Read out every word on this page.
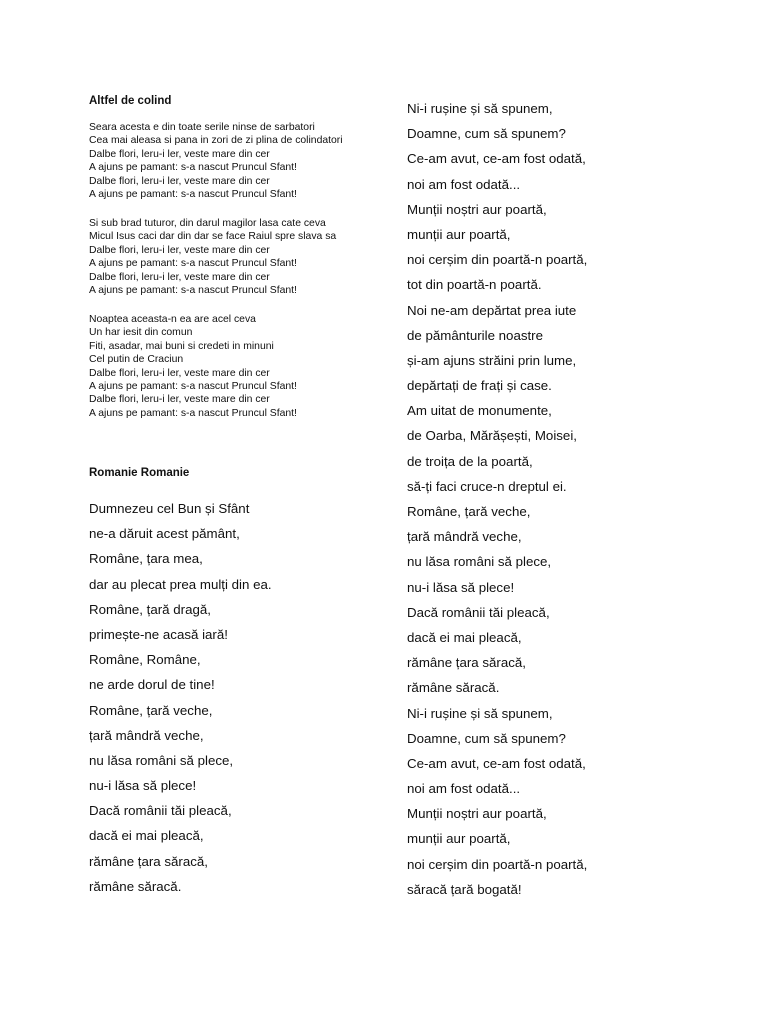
Altfel de colind
Seara acesta e din toate serile ninse de sarbatori
Cea mai aleasa si pana in zori de zi plina de colindatori
Dalbe flori, leru-i ler, veste mare din cer
A ajuns pe pamant: s-a nascut Pruncul Sfant!
Dalbe flori, leru-i ler, veste mare din cer
A ajuns pe pamant: s-a nascut Pruncul Sfant!
Si sub brad tuturor, din darul magilor lasa cate ceva
Micul Isus caci dar din dar se face Raiul spre slava sa
Dalbe flori, leru-i ler, veste mare din cer
A ajuns pe pamant: s-a nascut Pruncul Sfant!
Dalbe flori, leru-i ler, veste mare din cer
A ajuns pe pamant: s-a nascut Pruncul Sfant!
Noaptea aceasta-n ea are acel ceva
Un har iesit din comun
Fiti, asadar, mai buni si credeti in minuni
Cel putin de Craciun
Dalbe flori, leru-i ler, veste mare din cer
A ajuns pe pamant: s-a nascut Pruncul Sfant!
Dalbe flori, leru-i ler, veste mare din cer
A ajuns pe pamant: s-a nascut Pruncul Sfant!
Romanie Romanie
Dumnezeu cel Bun și Sfânt
ne-a dăruit acest pământ,
Române, țara mea,
dar au plecat prea mulți din ea.
Române, țară dragă,
primește-ne acasă iară!
Române, Române,
ne arde dorul de tine!
Române, țară veche,
țară mândră veche,
nu lăsa români să plece,
nu-i lăsa să plece!
Dacă românii tăi pleacă,
dacă ei mai pleacă,
rămâne țara săracă,
rămâne săracă.
Ni-i rușine și să spunem,
Doamne, cum să spunem?
Ce-am avut, ce-am fost odată,
noi am fost odată...
Munții noștri aur poartă,
munții aur poartă,
noi cerșim din poartă-n poartă,
tot din poartă-n poartă.
Noi ne-am depărtat prea iute
de pământurile noastre
și-am ajuns străini prin lume,
depărtați de frați și case.
Am uitat de monumente,
de Oarba, Mărășești, Moisei,
de troița de la poartă,
să-ți faci cruce-n dreptul ei.
Române, țară veche,
țară mândră veche,
nu lăsa români să plece,
nu-i lăsa să plece!
Dacă românii tăi pleacă,
dacă ei mai pleacă,
rămâne țara săracă,
rămâne săracă.
Ni-i rușine și să spunem,
Doamne, cum să spunem?
Ce-am avut, ce-am fost odată,
noi am fost odată...
Munții noștri aur poartă,
munții aur poartă,
noi cerșim din poartă-n poartă,
săracă țară bogată!
